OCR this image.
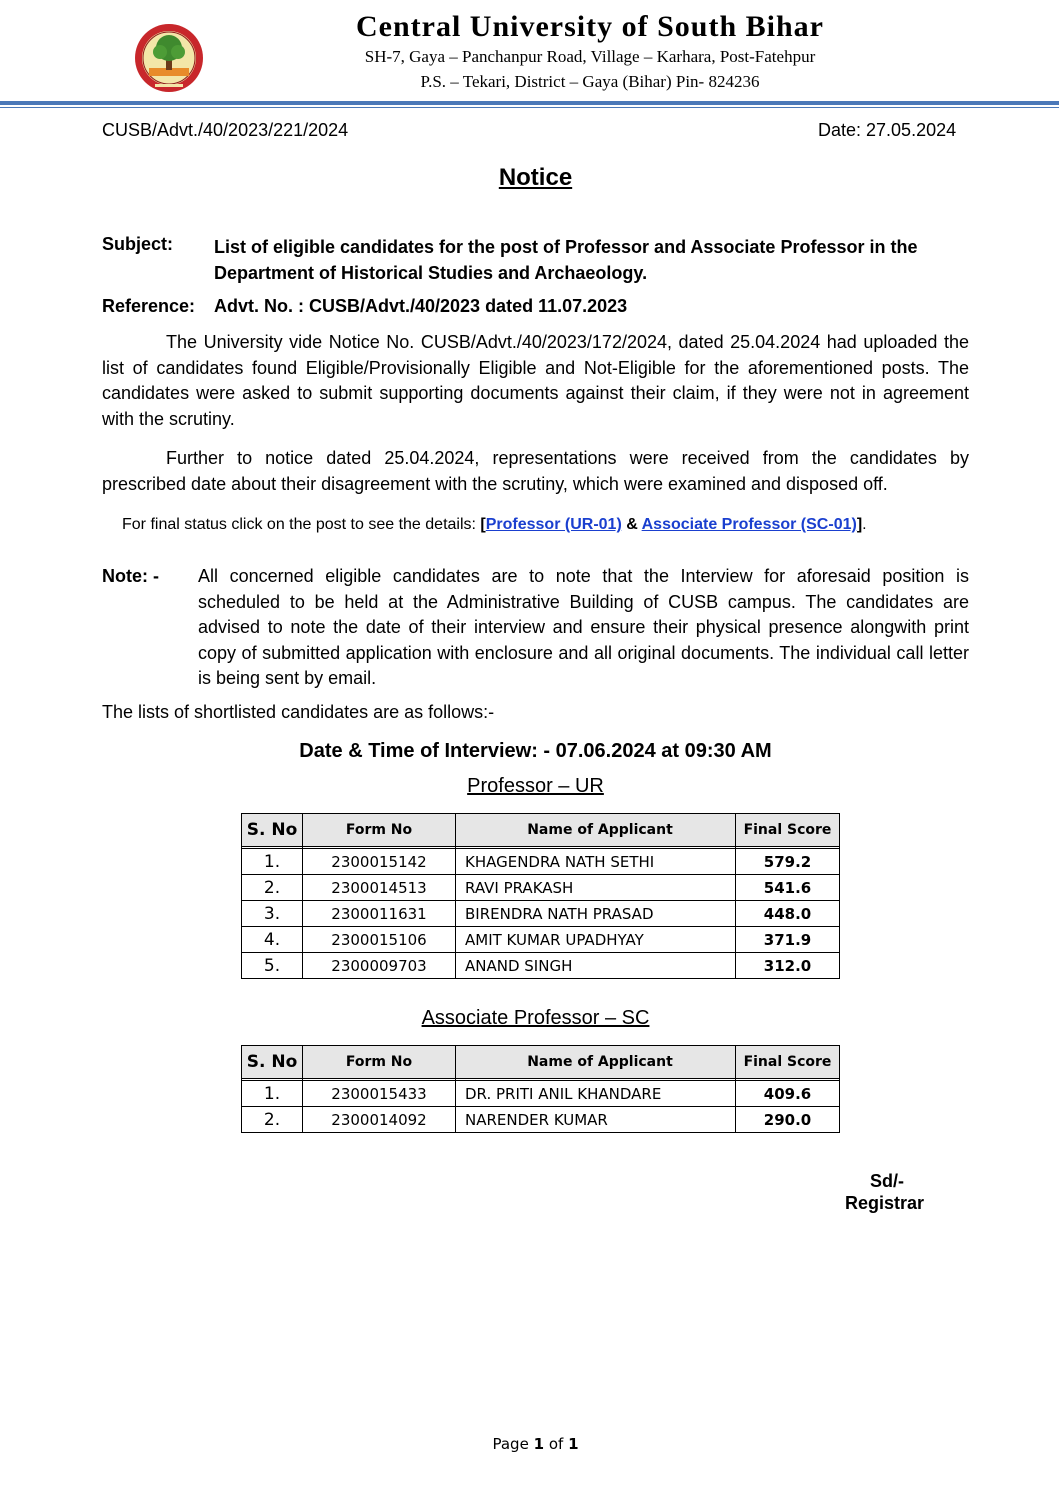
Central University of South Bihar
SH-7, Gaya – Panchanpur Road, Village – Karhara, Post-Fatehpur
P.S. – Tekari, District – Gaya (Bihar) Pin- 824236
CUSB/Advt./40/2023/221/2024	Date: 27.05.2024
Notice
Subject: List of eligible candidates for the post of Professor and Associate Professor in the Department of Historical Studies and Archaeology.
Reference: Advt. No. : CUSB/Advt./40/2023 dated 11.07.2023
The University vide Notice No. CUSB/Advt./40/2023/172/2024, dated 25.04.2024 had uploaded the list of candidates found Eligible/Provisionally Eligible and Not-Eligible for the aforementioned posts. The candidates were asked to submit supporting documents against their claim, if they were not in agreement with the scrutiny.
Further to notice dated 25.04.2024, representations were received from the candidates by prescribed date about their disagreement with the scrutiny, which were examined and disposed off.
For final status click on the post to see the details: [Professor (UR-01) & Associate Professor (SC-01)].
Note: - All concerned eligible candidates are to note that the Interview for aforesaid position is scheduled to be held at the Administrative Building of CUSB campus. The candidates are advised to note the date of their interview and ensure their physical presence alongwith print copy of submitted application with enclosure and all original documents. The individual call letter is being sent by email.
The lists of shortlisted candidates are as follows:-
Date & Time of Interview: - 07.06.2024 at 09:30 AM
Professor – UR
S. No	Form No	Name of Applicant	Final Score

1.	2300015142	KHAGENDRA NATH SETHI	579.2
2.	2300014513	RAVI PRAKASH	541.6
3.	2300011631	BIRENDRA NATH PRASAD	448.0
4.	2300015106	AMIT KUMAR UPADHYAY	371.9
5.	2300009703	ANAND SINGH	312.0
Associate Professor – SC
S. No	Form No	Name of Applicant	Final Score

1.	2300015433	DR. PRITI ANIL KHANDARE	409.6
2.	2300014092	NARENDER KUMAR	290.0
Sd/-
Registrar
Page 1 of 1
